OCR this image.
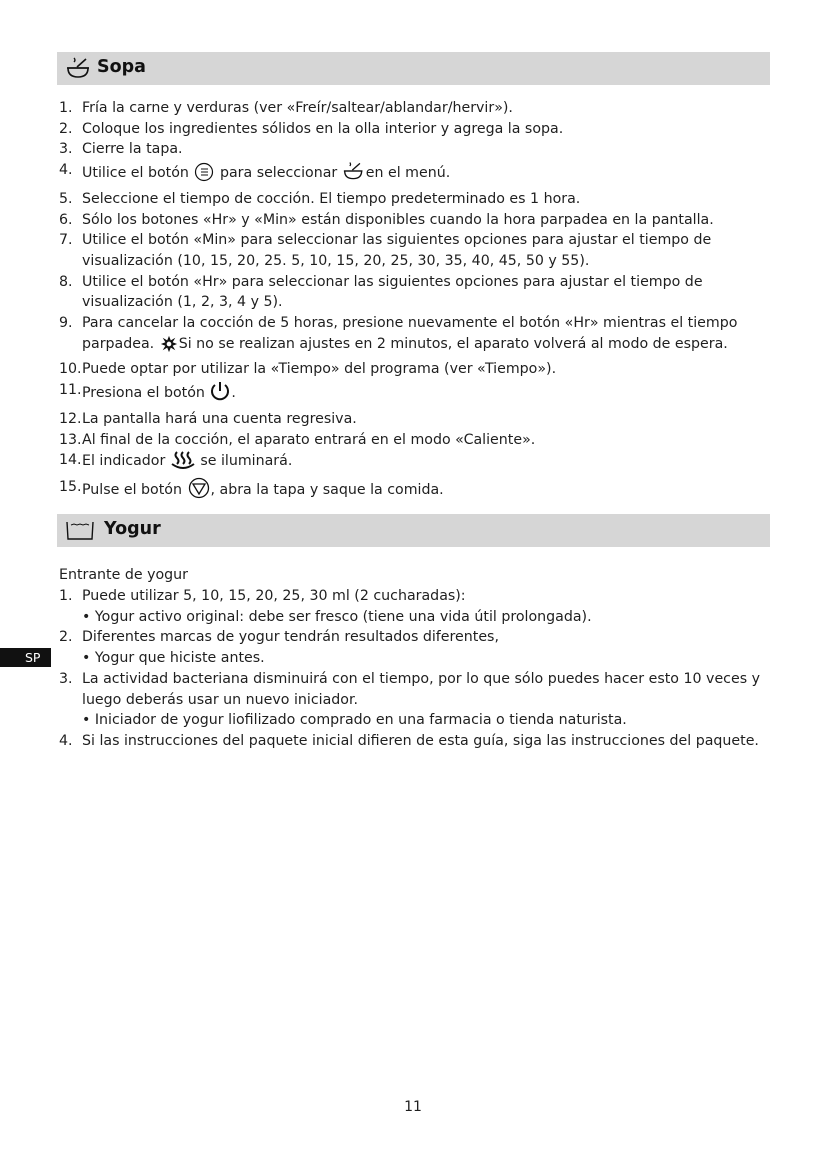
Sopa
1. Fría la carne y verduras (ver «Freír/saltear/ablandar/hervir»).
2. Coloque los ingredientes sólidos en la olla interior y agrega la sopa.
3. Cierre la tapa.
4. Utilice el botón para seleccionar en el menú.
5. Seleccione el tiempo de cocción. El tiempo predeterminado es 1 hora.
6. Sólo los botones «Hr» y «Min» están disponibles cuando la hora parpadea en la pantalla.
7. Utilice el botón «Min» para seleccionar las siguientes opciones para ajustar el tiempo de visualización (10, 15, 20, 25. 5, 10, 15, 20, 25, 30, 35, 40, 45, 50 y 55).
8. Utilice el botón «Hr» para seleccionar las siguientes opciones para ajustar el tiempo de visualización (1, 2, 3, 4 y 5).
9. Para cancelar la cocción de 5 horas, presione nuevamente el botón «Hr» mientras el tiempo parpadea. Si no se realizan ajustes en 2 minutos, el aparato volverá al modo de espera.
10. Puede optar por utilizar la «Tiempo» del programa (ver «Tiempo»).
11. Presiona el botón .
12. La pantalla hará una cuenta regresiva.
13. Al final de la cocción, el aparato entrará en el modo «Caliente».
14. El indicador se iluminará.
15. Pulse el botón , abra la tapa y saque la comida.
Yogur
Entrante de yogur
1. Puede utilizar 5, 10, 15, 20, 25, 30 ml (2 cucharadas):
• Yogur activo original: debe ser fresco (tiene una vida útil prolongada).
2. Diferentes marcas de yogur tendrán resultados diferentes,
• Yogur que hiciste antes.
3. La actividad bacteriana disminuirá con el tiempo, por lo que sólo puedes hacer esto 10 veces y luego deberás usar un nuevo iniciador.
• Iniciador de yogur liofilizado comprado en una farmacia o tienda naturista.
4. Si las instrucciones del paquete inicial difieren de esta guía, siga las instrucciones del paquete.
SP
11
